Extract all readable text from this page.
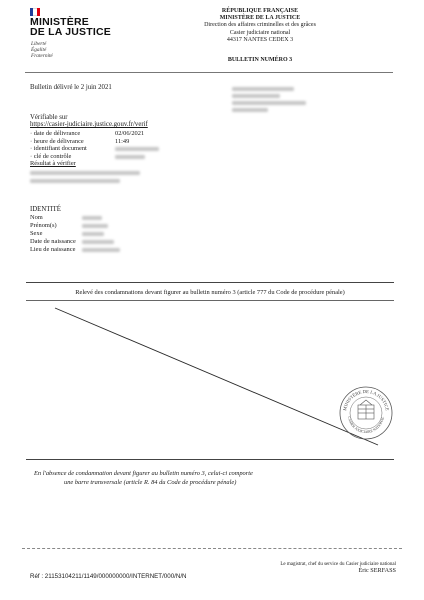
MINISTÈRE
DE LA JUSTICE
Liberté
Égalité
Fraternité
RÉPUBLIQUE FRANÇAISE
MINISTÈRE DE LA JUSTICE
Direction des affaires criminelles et des grâces
Casier judiciaire national
44317 NANTES CEDEX 3
BULLETIN NUMÉRO 3
Bulletin délivré le 2 juin 2021
Vérifiable sur
https://casier-judiciaire.justice.gouv.fr/verif
· date de délivrance	02/06/2021
· heure de délivrance	11:49
· identifiant document
· clé de contrôle
Résultat à vérifier
IDENTITÉ
Nom
Prénom(s)
Sexe
Date de naissance
Lieu de naissance
Relevé des condamnations devant figurer au bulletin numéro 3 (article 777 du Code de procédure pénale)
MINISTÈRE DE LA JUSTICE
CASIER JUDICIAIRE NATIONAL
En l'absence de condamnation devant figurer au bulletin numéro 3, celui-ci comporte
une barre transversale (article R. 84 du Code de procédure pénale)
Le magistrat, chef du service du Casier judiciaire national
Éric SERFASS
Réf : 21153104211/1149/000000000/INTERNET/000/N/N
